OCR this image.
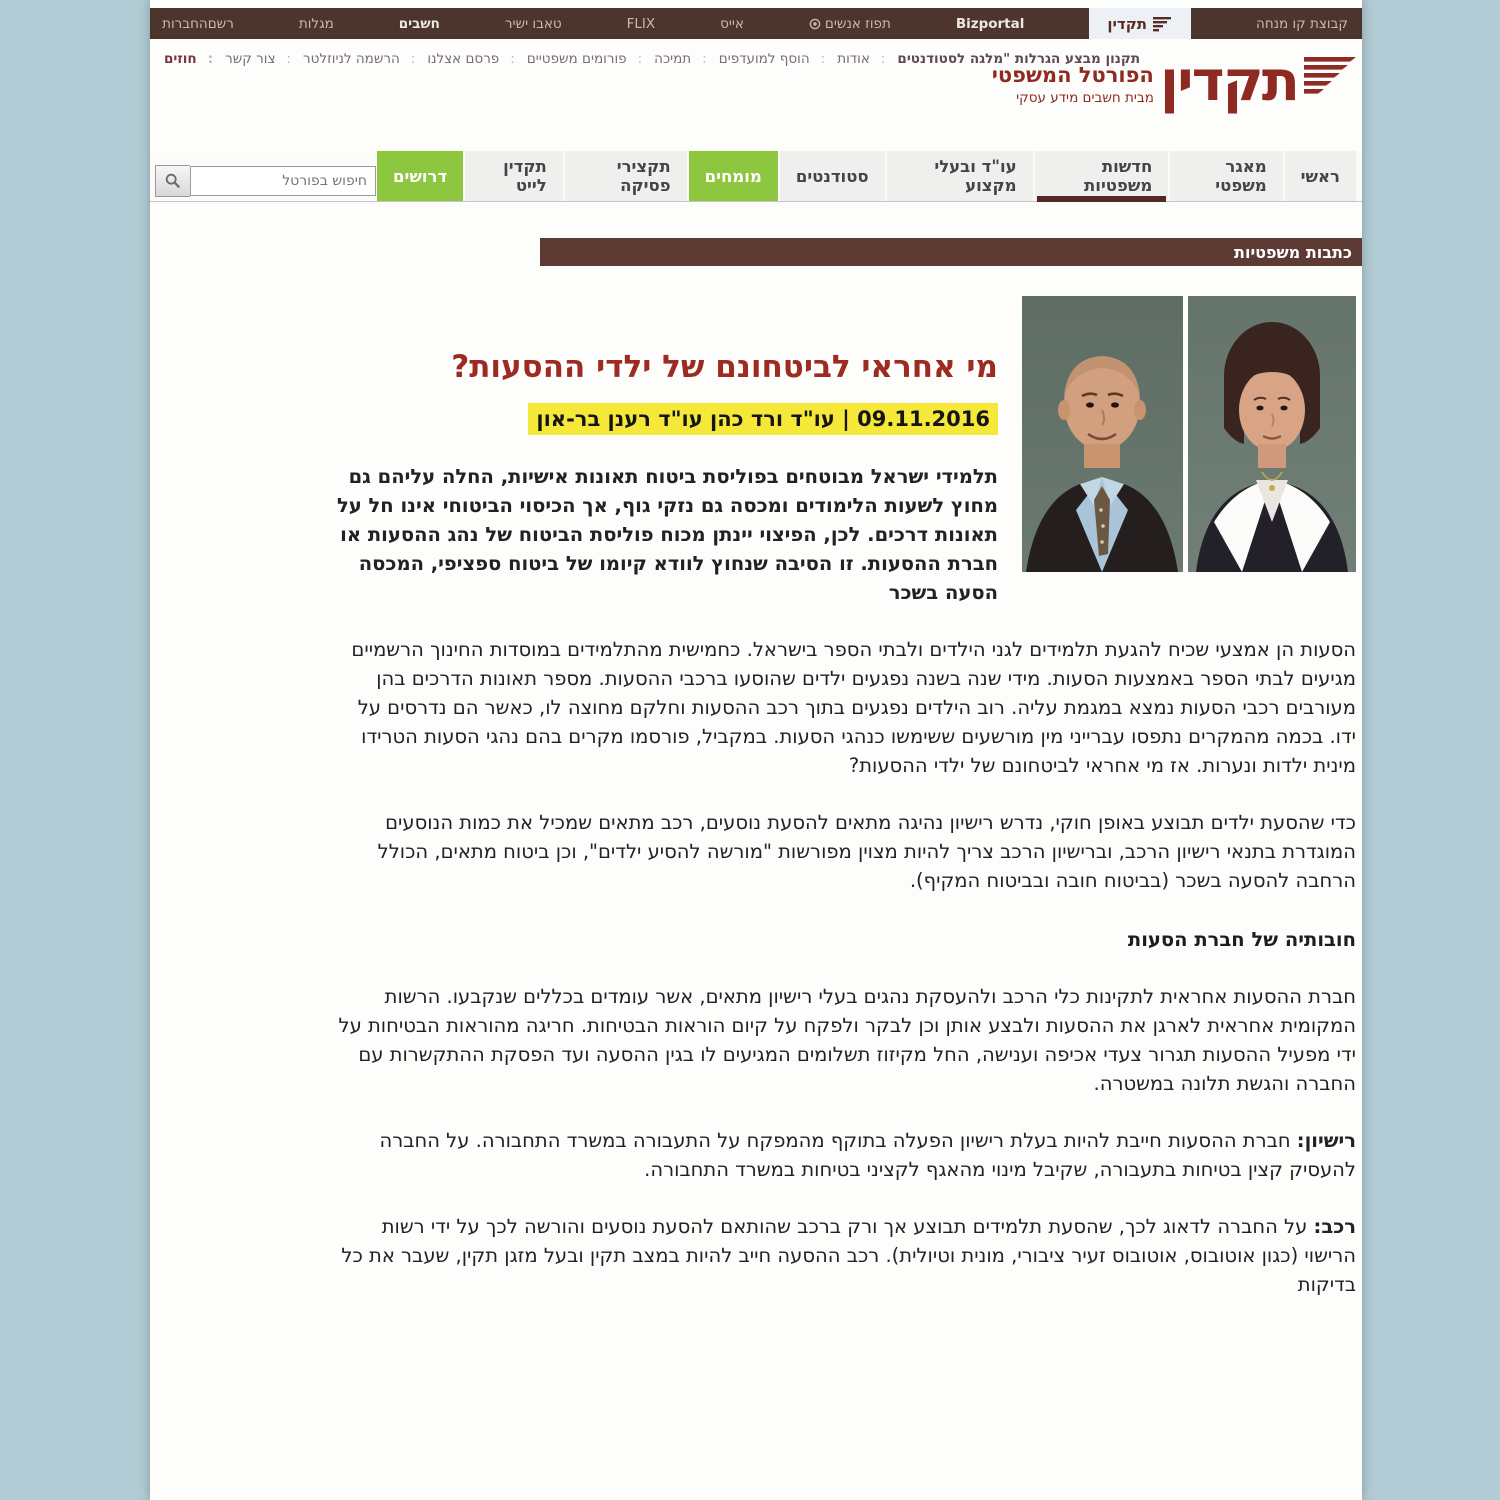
קבוצת קו מנחה
תקדין
Bizportal
תפוז אנשים
אייס
FLIX
טאבו ישיר
חשבים
מגלות
רשםהחברות
תקנון מבצע הגרלות "מלגה לסטודנטים
: אודות
: הוסף למועדפים
: תמיכה
: פורומים משפטיים
: פרסם אצלנו
: הרשמה לניוזלטר
: צור קשר
: חוזים	תקדין
הפורטל המשפטי
מבית חשבים מידע עסקי
ראשי
מאגר משפטי
חדשות משפטיות
עו"ד ובעלי מקצוע
סטודנטים
מומחים
תקצירי פסיקה
תקדין לייט
דרושים
חיפוש בפורטל
כתבות משפטיות
מי אחראי לביטחונם של ילדי ההסעות?
09.11.2016 | עו"ד ורד כהן עו"ד רענן בר-און

תלמידי ישראל מבוטחים בפוליסת ביטוח תאונות אישיות, החלה עליהם גם מחוץ לשעות הלימודים ומכסה גם נזקי גוף, אך הכיסוי הביטוחי אינו חל על תאונות דרכים. לכן, הפיצוי יינתן מכוח פוליסת הביטוח של נהג ההסעות או חברת ההסעות. זו הסיבה שנחוץ לוודא קיומו של ביטוח ספציפי, המכסה הסעה בשכר

הסעות הן אמצעי שכיח להגעת תלמידים לגני הילדים ולבתי הספר בישראל. כחמישית מהתלמידים במוסדות החינוך הרשמיים מגיעים לבתי הספר באמצעות הסעות. מידי שנה בשנה נפגעים ילדים שהוסעו ברכבי ההסעות. מספר תאונות הדרכים בהן מעורבים רכבי הסעות נמצא במגמת עליה. רוב הילדים נפגעים בתוך רכב ההסעות וחלקם מחוצה לו, כאשר הם נדרסים על ידו. בכמה מהמקרים נתפסו עברייני מין מורשעים ששימשו כנהגי הסעות. במקביל, פורסמו מקרים בהם נהגי הסעות הטרידו מינית ילדות ונערות. אז מי אחראי לביטחונם של ילדי ההסעות?

כדי שהסעת ילדים תבוצע באופן חוקי, נדרש רישיון נהיגה מתאים להסעת נוסעים, רכב מתאים שמכיל את כמות הנוסעים המוגדרת בתנאי רישיון הרכב, וברישיון הרכב צריך להיות מצוין מפורשות "מורשה להסיע ילדים", וכן ביטוח מתאים, הכולל הרחבה להסעה בשכר (בביטוח חובה ובביטוח המקיף).

חובותיה של חברת הסעות

חברת ההסעות אחראית לתקינות כלי הרכב ולהעסקת נהגים בעלי רישיון מתאים, אשר עומדים בכללים שנקבעו. הרשות המקומית אחראית לארגן את ההסעות ולבצע אותן וכן לבקר ולפקח על קיום הוראות הבטיחות. חריגה מהוראות הבטיחות על ידי מפעיל ההסעות תגרור צעדי אכיפה וענישה, החל מקיזוז תשלומים המגיעים לו בגין ההסעה ועד הפסקת ההתקשרות עם החברה והגשת תלונה במשטרה.

רישיון: חברת ההסעות חייבת להיות בעלת רישיון הפעלה בתוקף מהמפקח על התעבורה במשרד התחבורה. על החברה להעסיק קצין בטיחות בתעבורה, שקיבל מינוי מהאגף לקציני בטיחות במשרד התחבורה.

רכב: על החברה לדאוג לכך, שהסעת תלמידים תבוצע אך ורק ברכב שהותאם להסעת נוסעים והורשה לכך על ידי רשות הרישוי (כגון אוטובוס, אוטובוס זעיר ציבורי, מונית וטיולית). רכב ההסעה חייב להיות במצב תקין ובעל מזגן תקין, שעבר את כל בדיקות
